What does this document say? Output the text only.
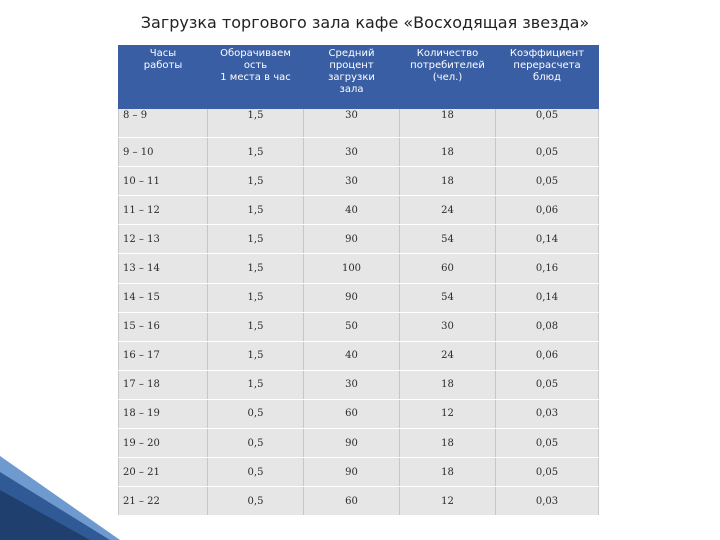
Загрузка торгового зала кафе «Восходящая звезда»
Часы
работы	Оборачиваем
ость
1 места в час	Средний
процент
загрузки
зала	Количество
потребителей
(чел.)	Коэффициент
перерасчета
блюд

8 – 9	1,5	30	18	0,05
9 – 10	1,5	30	18	0,05
10 – 11	1,5	30	18	0,05
11 – 12	1,5	40	24	0,06
12 – 13	1,5	90	54	0,14
13 – 14	1,5	100	60	0,16
14 – 15	1,5	90	54	0,14
15 – 16	1,5	50	30	0,08
16 – 17	1,5	40	24	0,06
17 – 18	1,5	30	18	0,05
18 – 19	0,5	60	12	0,03
19 – 20	0,5	90	18	0,05
20 – 21	0,5	90	18	0,05
21 – 22	0,5	60	12	0,03
